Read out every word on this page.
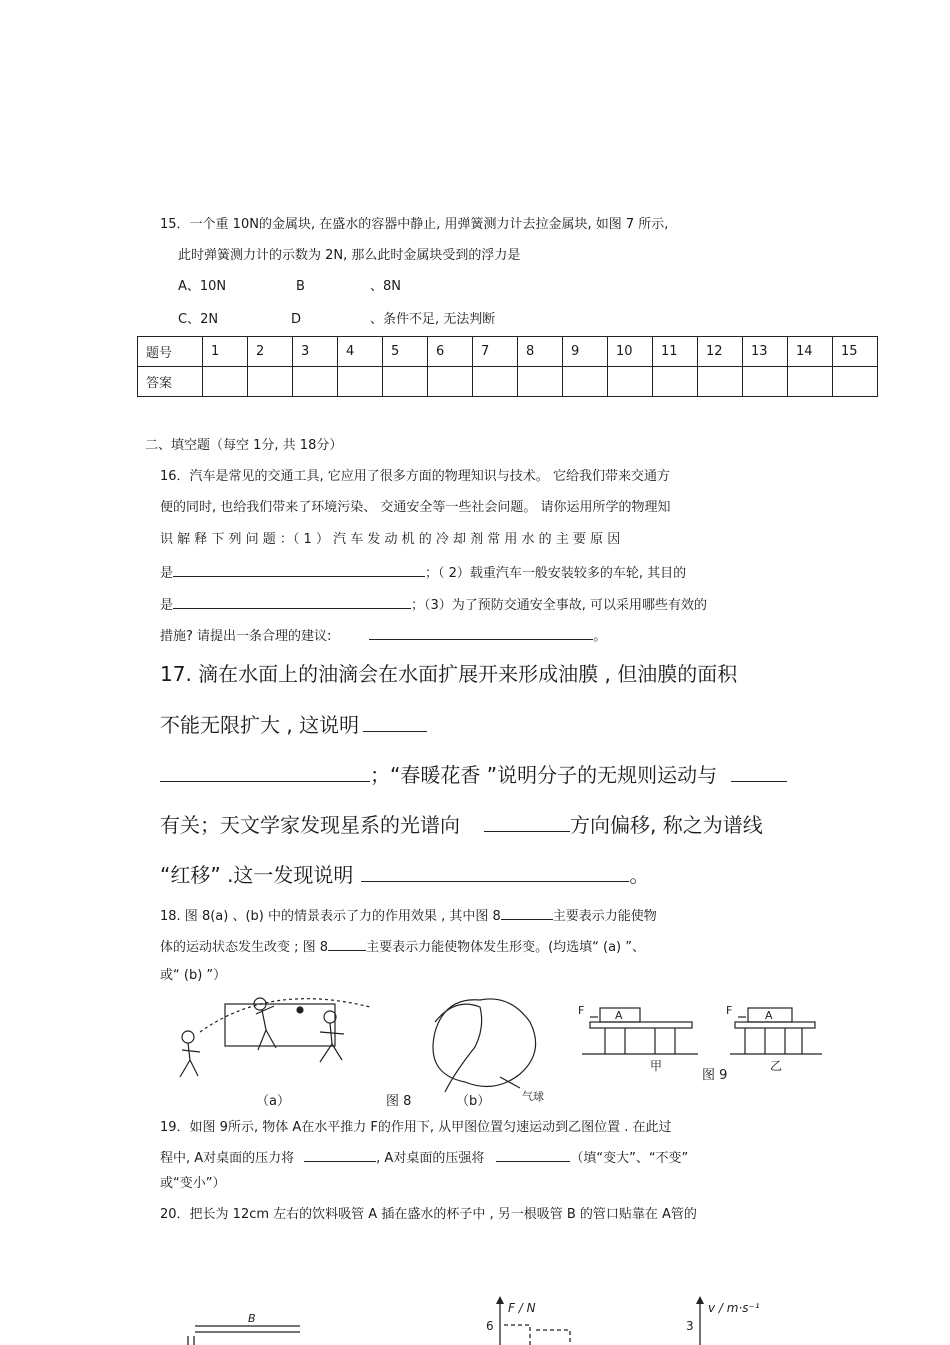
15．一个重 10N的金属块, 在盛水的容器中静止, 用弹簧测力计去拉金属块, 如图 7 所示,
此时弹簧测力计的示数为 2N, 那么此时金属块受到的浮力是
A、10N	B	、8N
C、2N	D	、条件不足, 无法判断
题号	1	2	3	4	5	6	7	8	9	10	11	12	13	14	15
答案															
二、填空题（每空 1分, 共 18分）
16．汽车是常见的交通工具, 它应用了很多方面的物理知识与技术。 它给我们带来交通方
便的同时, 也给我们带来了环境污染、 交通安全等一些社会问题。 请你运用所学的物理知
识 解 释 下 列 问 题 ：（ 1 ） 汽 车 发 动 机 的 冷 却 剂 常 用 水 的 主 要 原 因
是	；（ 2）载重汽车一般安装较多的车轮, 其目的
是	；（3）为了预防交通安全事故, 可以采用哪些有效的
措施? 请提出一条合理的建议:	。
17. 滴在水面上的油滴会在水面扩展开来形成油膜 , 但油膜的面积
不能无限扩大 , 这说明
；“春暖花香 ”说明分子的无规则运动与
有关；天文学家发现星系的光谱向	方向偏移, 称之为谱线
“红移” .这一发现说明	。
18. 图 8(a) 、(b) 中的情景表示了力的作用效果 , 其中图 8	主要表示力能使物
体的运动状态发生改变 ; 图 8	主要表示力能使物体发生形变。(均选填“ (a) ”、
或“ (b) ”）
气球
F	A
甲
F	A
乙
（a）	图 8	（b）
图 9
19．如图 9所示, 物体 A在水平推力 F的作用下, 从甲图位置匀速运动到乙图位置 . 在此过
程中, A对桌面的压力将	, A对桌面的压强将	（填“变大”、“不变”
或“变小”）
20．把长为 12cm 左右的饮料吸管 A 插在盛水的杯子中 , 另一根吸管 B 的管口贴靠在 A管的
B
F / N
6
v / m·s⁻¹
3
